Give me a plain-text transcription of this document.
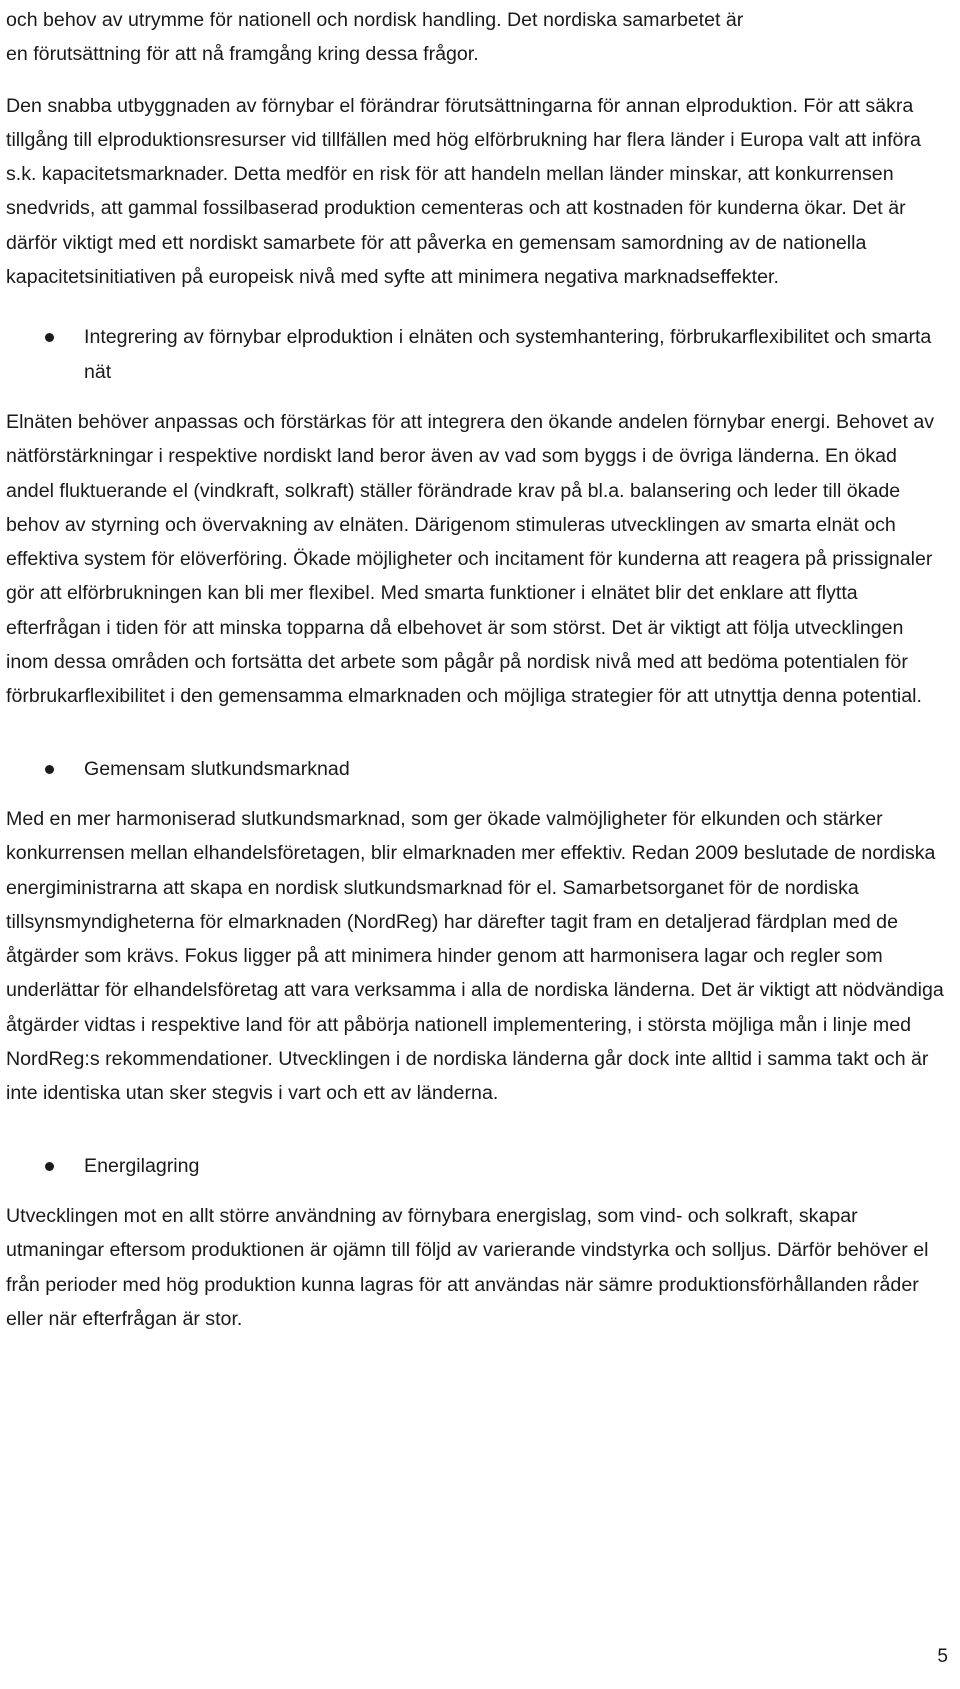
och behov av utrymme för nationell och nordisk handling. Det nordiska samarbetet är
en förutsättning för att nå framgång kring dessa frågor.

Den snabba utbyggnaden av förnybar el förändrar förutsättningarna för annan elproduktion. För att säkra tillgång till elproduktionsresurser vid tillfällen med hög elförbrukning har flera länder i Europa valt att införa s.k. kapacitetsmarknader. Detta medför en risk för att handeln mellan länder minskar, att konkurrensen snedvrids, att gammal fossilbaserad produktion cementeras och att kostnaden för kunderna ökar. Det är därför viktigt med ett nordiskt samarbete för att påverka en gemensam samordning av de nationella kapacitetsinitiativen på europeisk nivå med syfte att minimera negativa marknadseffekter.

Integrering av förnybar elproduktion i elnäten och systemhantering, förbrukarflexibilitet och smarta nät

Elnäten behöver anpassas och förstärkas för att integrera den ökande andelen förnybar energi. Behovet av nätförstärkningar i respektive nordiskt land beror även av vad som byggs i de övriga länderna. En ökad andel fluktuerande el (vindkraft, solkraft) ställer förändrade krav på bl.a. balansering och leder till ökade behov av styrning och övervakning av elnäten. Därigenom stimuleras utvecklingen av smarta elnät och effektiva system för elöverföring. Ökade möjligheter och incitament för kunderna att reagera på prissignaler gör att elförbrukningen kan bli mer flexibel. Med smarta funktioner i elnätet blir det enklare att flytta efterfrågan i tiden för att minska topparna då elbehovet är som störst. Det är viktigt att följa utvecklingen inom dessa områden och fortsätta det arbete som pågår på nordisk nivå med att bedöma potentialen för förbrukarflexibilitet i den gemensamma elmarknaden och möjliga strategier för att utnyttja denna potential.

Gemensam slutkundsmarknad

Med en mer harmoniserad slutkundsmarknad, som ger ökade valmöjligheter för elkunden och stärker konkurrensen mellan elhandelsföretagen, blir elmarknaden mer effektiv. Redan 2009 beslutade de nordiska energiministrarna att skapa en nordisk slutkundsmarknad för el. Samarbetsorganet för de nordiska tillsynsmyndigheterna för elmarknaden (NordReg) har därefter tagit fram en detaljerad färdplan med de åtgärder som krävs. Fokus ligger på att minimera hinder genom att harmonisera lagar och regler som underlättar för elhandelsföretag att vara verksamma i alla de nordiska länderna. Det är viktigt att nödvändiga åtgärder vidtas i respektive land för att påbörja nationell implementering, i största möjliga mån i linje med NordReg:s rekommendationer. Utvecklingen i de nordiska länderna går dock inte alltid i samma takt och är inte identiska utan sker stegvis i vart och ett av länderna.

Energilagring

Utvecklingen mot en allt större användning av förnybara energislag, som vind- och solkraft, skapar utmaningar eftersom produktionen är ojämn till följd av varierande vindstyrka och solljus. Därför behöver el från perioder med hög produktion kunna lagras för att användas när sämre produktionsförhållanden råder eller när efterfrågan är stor.

5
